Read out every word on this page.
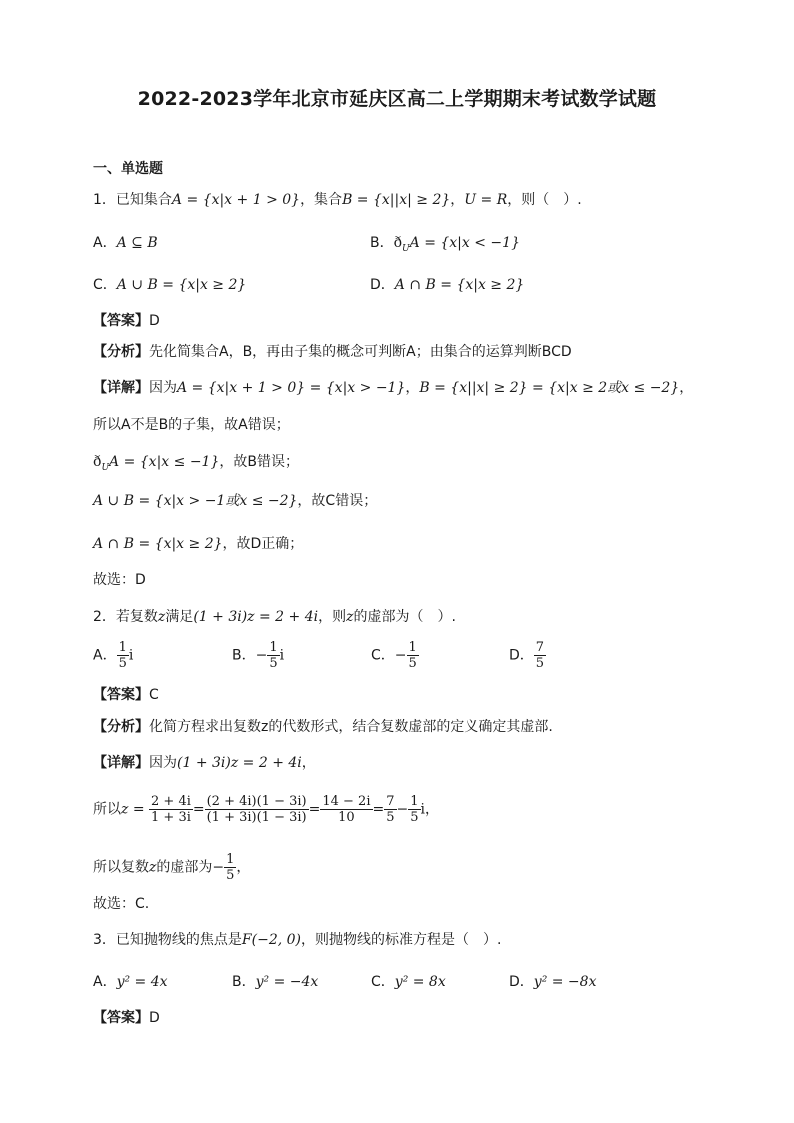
2022-2023学年北京市延庆区高二上学期期末考试数学试题
一、单选题
1．已知集合A = {x|x + 1 > 0}，集合B = {x||x| ≥ 2}，U = R，则（　）.
A．A ⊆ B	B．$ð_UA = \{x|x < -1\}$
C．A ∪ B = {x|x ≥ 2}	D．A ∩ B = {x|x ≥ 2}
【答案】D
【分析】先化简集合A，B，再由子集的概念可判断A；由集合的运算判断BCD
【详解】因为A = {x|x + 1 > 0} = {x|x > −1}，B = {x||x| ≥ 2} = {x|x ≥ 2或x ≤ −2}，
所以A不是B的子集，故A错误；
$ð_UA = \{x|x \le -1\}$，故B错误；
A ∪ B = {x|x > −1或x ≤ −2}，故C错误；
A ∩ B = {x|x ≥ 2}，故D正确；
故选：D
2．若复数z满足(1 + 3i)z = 2 + 4i，则z的虚部为（　）.
A． $\frac{1}{5}$ i	B．− $\frac{1}{5}$ i	C．− $\frac{1}{5}$	D． $\frac{7}{5}$
【答案】C
【分析】化简方程求出复数z的代数形式，结合复数虚部的定义确定其虚部.
【详解】因为(1 + 3i)z = 2 + 4i，
所以$z = \frac{2 + 4i}{1 + 3i} = \frac{(2 + 4i)(1 - 3i)}{(1 + 3i)(1 - 3i)} = \frac{14 - 2i}{10} = \frac{7}{5} - \frac{1}{5}$ i，
所以复数z的虚部为− $\frac{1}{5}$ ，
故选：C.
3．已知抛物线的焦点是F(−2, 0)，则抛物线的标准方程是（　）.
A．y² = 4x	B．y² = −4x	C．y² = 8x	D．y² = −8x
【答案】D
